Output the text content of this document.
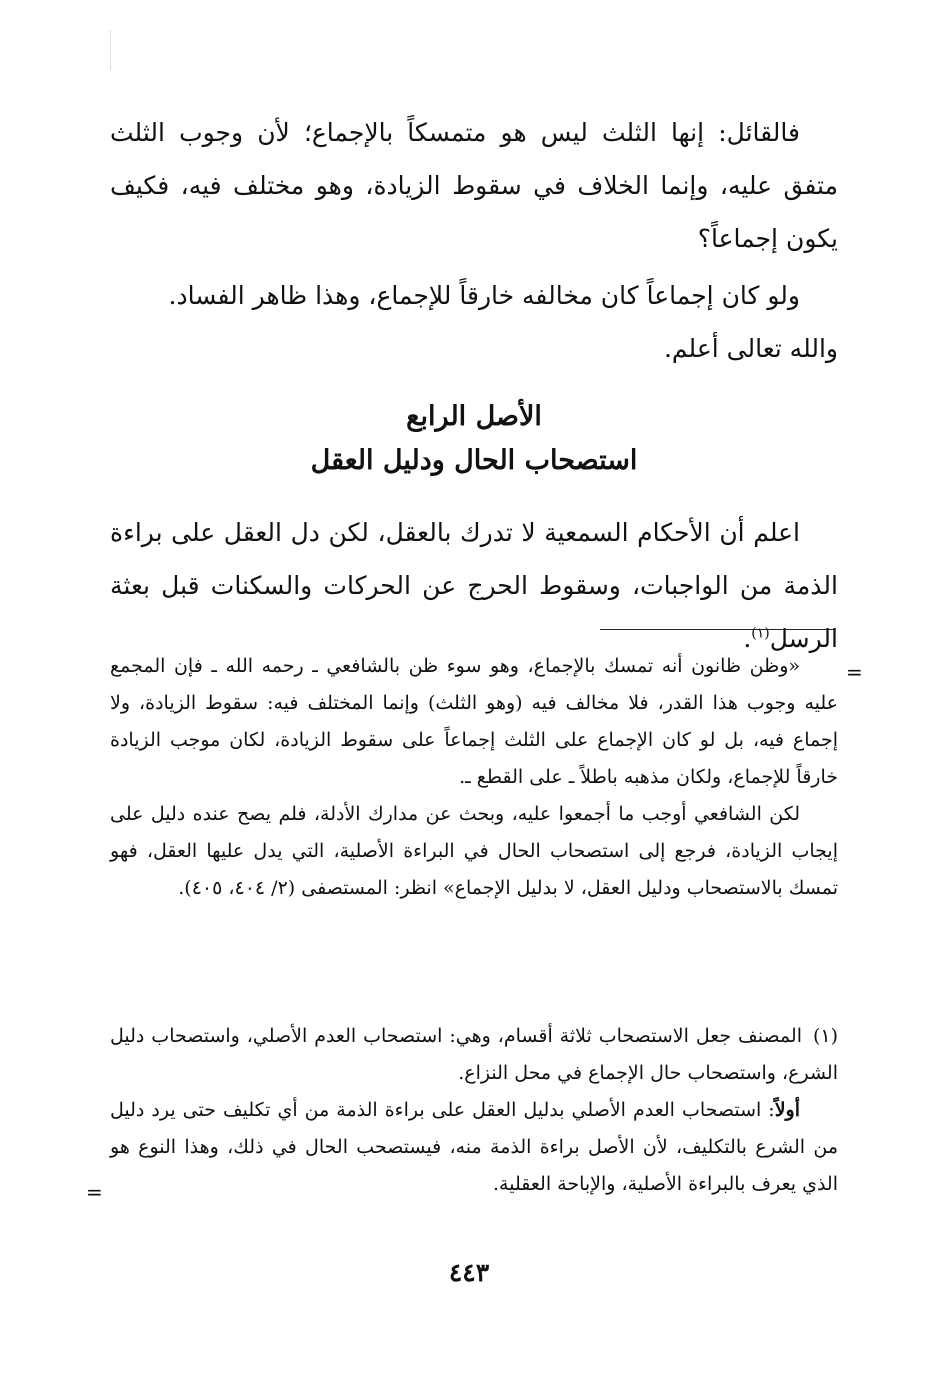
فالقائل: إنها الثلث ليس هو متمسكاً بالإجماع؛ لأن وجوب الثلث متفق عليه، وإنما الخلاف في سقوط الزيادة، وهو مختلف فيه، فكيف يكون إجماعاً؟

ولو كان إجماعاً كان مخالفه خارقاً للإجماع، وهذا ظاهر الفساد.

والله تعالى أعلم.

الأصل الرابع
استصحاب الحال ودليل العقل

اعلم أن الأحكام السمعية لا تدرك بالعقل، لكن دل العقل على براءة الذمة من الواجبات، وسقوط الحرج عن الحركات والسكنات قبل بعثة الرسل$^{(١)}$.

=

«وظن ظانون أنه تمسك بالإجماع، وهو سوء ظن بالشافعي ـ رحمه الله ـ فإن المجمع عليه وجوب هذا القدر، فلا مخالف فيه (وهو الثلث) وإنما المختلف فيه: سقوط الزيادة، ولا إجماع فيه، بل لو كان الإجماع على الثلث إجماعاً على سقوط الزيادة، لكان موجب الزيادة خارقاً للإجماع، ولكان مذهبه باطلاً ـ على القطع ـ.

لكن الشافعي أوجب ما أجمعوا عليه، وبحث عن مدارك الأدلة، فلم يصح عنده دليل على إيجاب الزيادة، فرجع إلى استصحاب الحال في البراءة الأصلية، التي يدل عليها العقل، فهو تمسك بالاستصحاب ودليل العقل، لا بدليل الإجماع» انظر: المستصفى (٢/ ٤٠٤، ٤٠٥).

(١)المصنف جعل الاستصحاب ثلاثة أقسام، وهي: استصحاب العدم الأصلي، واستصحاب دليل الشرع، واستصحاب حال الإجماع في محل النزاع.

أولاً: استصحاب العدم الأصلي بدليل العقل على براءة الذمة من أي تكليف حتى يرد دليل من الشرع بالتكليف، لأن الأصل براءة الذمة منه، فيستصحب الحال في ذلك، وهذا النوع هو الذي يعرف بالبراءة الأصلية، والإباحة العقلية.

=
٤٤٣
